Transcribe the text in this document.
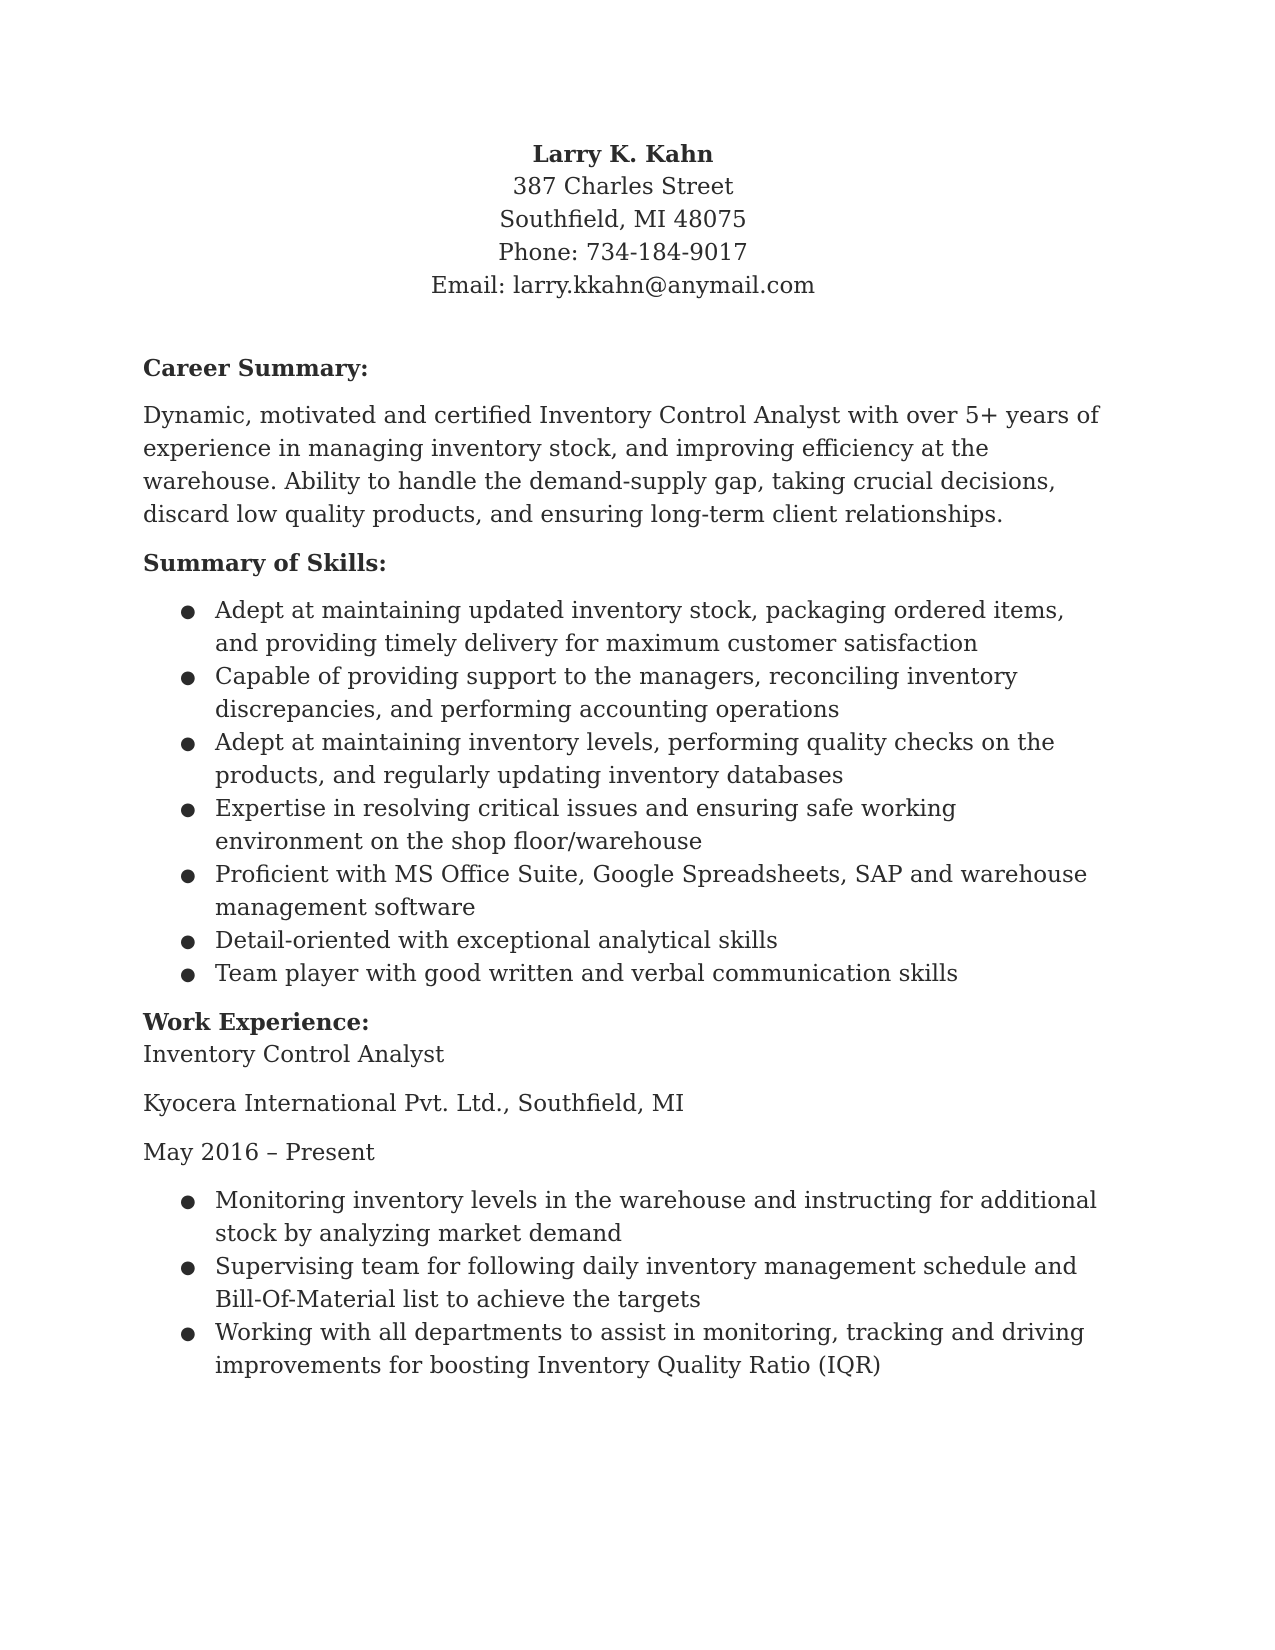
Larry K. Kahn
387 Charles Street
Southfield, MI 48075
Phone: 734-184-9017
Email: larry.kkahn@anymail.com
Career Summary:

Dynamic, motivated and certified Inventory Control Analyst with over 5+ years of experience in managing inventory stock, and improving efficiency at the warehouse. Ability to handle the demand-supply gap, taking crucial decisions, discard low quality products, and ensuring long-term client relationships.

Summary of Skills:
● Adept at maintaining updated inventory stock, packaging ordered items, and providing timely delivery for maximum customer satisfaction
● Capable of providing support to the managers, reconciling inventory discrepancies, and performing accounting operations
● Adept at maintaining inventory levels, performing quality checks on the products, and regularly updating inventory databases
● Expertise in resolving critical issues and ensuring safe working environment on the shop floor/warehouse
● Proficient with MS Office Suite, Google Spreadsheets, SAP and warehouse management software
● Detail-oriented with exceptional analytical skills
● Team player with good written and verbal communication skills
Work Experience:

Inventory Control Analyst

Kyocera International Pvt. Ltd., Southfield, MI

May 2016 – Present

● Monitoring inventory levels in the warehouse and instructing for additional stock by analyzing market demand
● Supervising team for following daily inventory management schedule and Bill-Of-Material list to achieve the targets
● Working with all departments to assist in monitoring, tracking and driving improvements for boosting Inventory Quality Ratio (IQR)
